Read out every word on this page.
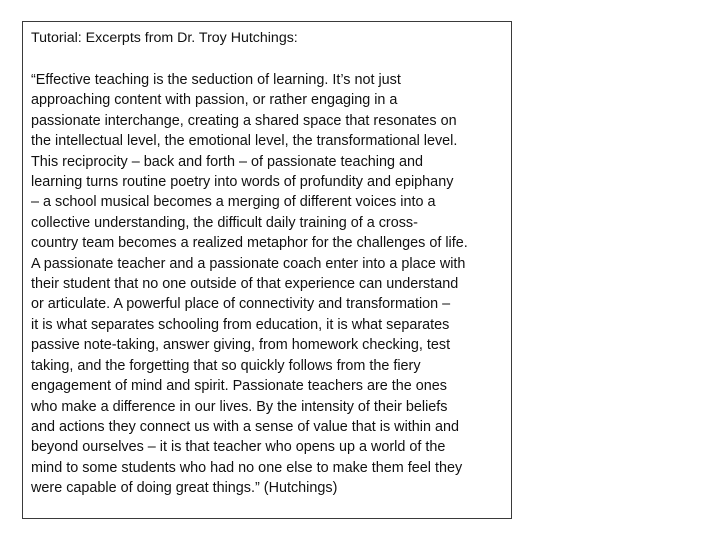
Tutorial: Excerpts from Dr. Troy Hutchings:

“Effective teaching is the seduction of learning. It’s not just
approaching content with passion, or rather engaging in a
passionate interchange, creating a shared space that resonates on
the intellectual level, the emotional level, the transformational level.
This reciprocity – back and forth – of passionate teaching and
learning turns routine poetry into words of profundity and epiphany
– a school musical becomes a merging of different voices into a
collective understanding, the difficult daily training of a cross-
country team becomes a realized metaphor for the challenges of life.
A passionate teacher and a passionate coach enter into a place with
their student that no one outside of that experience can understand
or articulate. A powerful place of connectivity and transformation –
it is what separates schooling from education, it is what separates
passive note-taking, answer giving, from homework checking, test
taking, and the forgetting that so quickly follows from the fiery
engagement of mind and spirit. Passionate teachers are the ones
who make a difference in our lives. By the intensity of their beliefs
and actions they connect us with a sense of value that is within and
beyond ourselves – it is that teacher who opens up a world of the
mind to some students who had no one else to make them feel they
were capable of doing great things.” (Hutchings)
